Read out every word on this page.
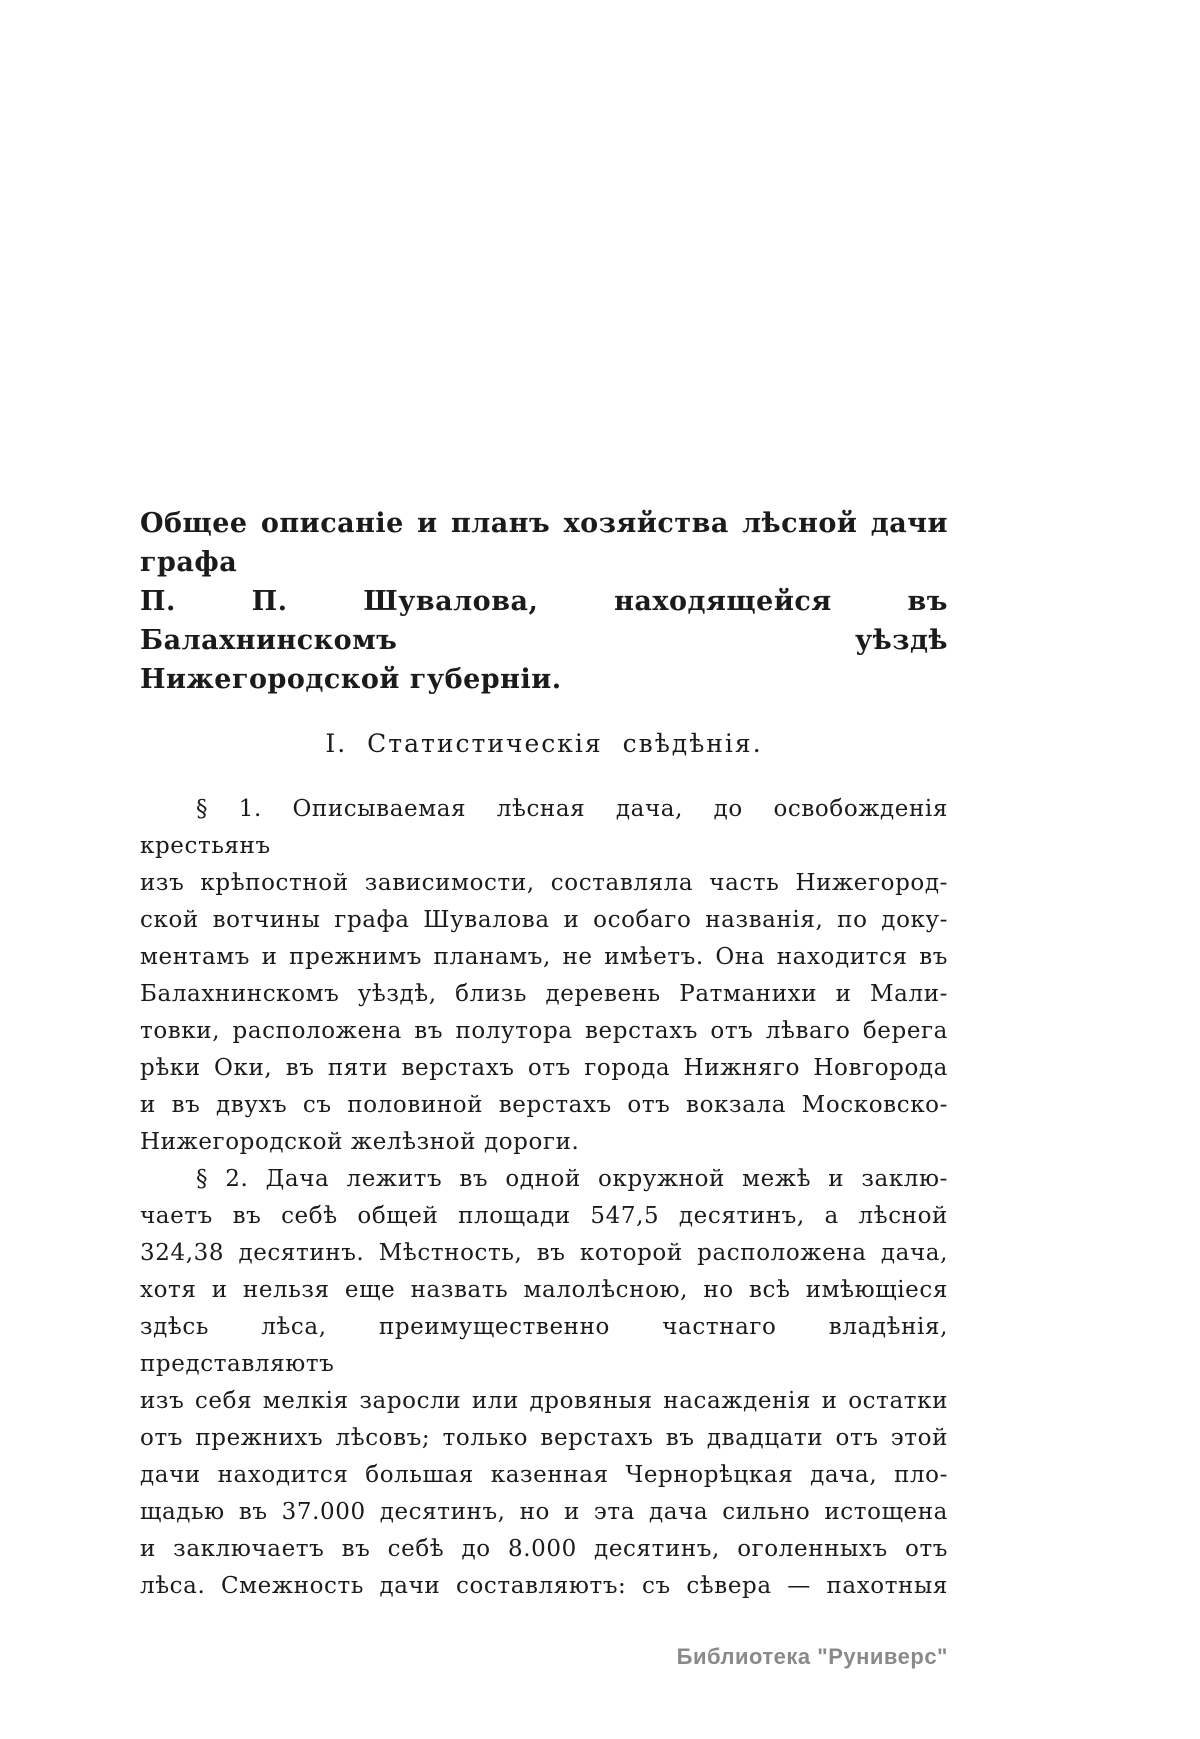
Общее описаніе и планъ хозяйства лѣсной дачи графа
П. П. Шувалова, находящейся въ Балахнинскомъ уѣздѣ
Нижегородской губерніи.
I. Статистическія свѣдѣнія.
§ 1. Описываемая лѣсная дача, до освобожденія крестьянъ
изъ крѣпостной зависимости, составляла часть Нижегород-
ской вотчины графа Шувалова и особаго названія, по доку-
ментамъ и прежнимъ планамъ, не имѣетъ. Она находится въ
Балахнинскомъ уѣздѣ, близь деревень Ратманихи и Мали-
товки, расположена въ полутора верстахъ отъ лѣваго берега
рѣки Оки, въ пяти верстахъ отъ города Нижняго Новгорода
и въ двухъ съ половиной верстахъ отъ вокзала Московско-
Нижегородской желѣзной дороги.
§ 2. Дача лежитъ въ одной окружной межѣ и заклю-
чаетъ въ себѣ общей площади 547,5 десятинъ, а лѣсной
324,38 десятинъ. Мѣстность, въ которой расположена дача,
хотя и нельзя еще назвать малолѣсною, но всѣ имѣющіеся
здѣсь лѣса, преимущественно частнаго владѣнія, представляютъ
изъ себя мелкія заросли или дровяныя насажденія и остатки
отъ прежнихъ лѣсовъ; только верстахъ въ двадцати отъ этой
дачи находится большая казенная Чернорѣцкая дача, пло-
щадью въ 37.000 десятинъ, но и эта дача сильно истощена
и заключаетъ въ себѣ до 8.000 десятинъ, оголенныхъ отъ
лѣса. Смежность дачи составляютъ: съ сѣвера — пахотныя
Библиотека "Руниверс"
